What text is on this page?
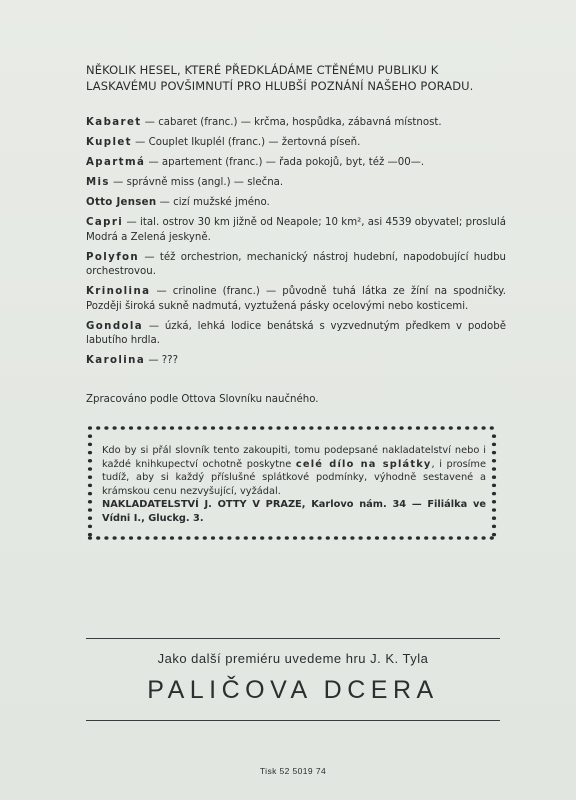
NĚKOLIK HESEL, KTERÉ PŘEDKLÁDÁME CTĚNÉMU PUBLIKU K LASKAVÉMU POVŠIMNUTÍ PRO HLUBŠÍ POZNÁNÍ NAŠEHO PORADU.
Kabaret — cabaret (franc.) — krčma, hospůdka, zábavná místnost.
Kuplet — Couplet Ikuplél (franc.) — žertovná píseň.
Apartmá — apartement (franc.) — řada pokojů, byt, též —00—.
Mis — správně miss (angl.) — slečna.
Otto Jensen — cizí mužské jméno.
Capri — ital. ostrov 30 km jižně od Neapole; 10 km², asi 4539 obyvatel; proslulá Modrá a Zelená jeskyně.
Polyfon — též orchestrion, mechanický nástroj hudební, napodobující hudbu orchestrovou.
Krinolina — crinoline (franc.) — původně tuhá látka ze žíní na spodničky. Později široká sukně nadmutá, vyztužená pásky ocelovými nebo kosticemi.
Gondola — úzká, lehká lodice benátská s vyzvednutým předkem v podobě labutího hrdla.
Karolina — ???
Zpracováno podle Ottova Slovníku naučného.
Kdo by si přál slovník tento zakoupiti, tomu podepsané nakladatelství nebo i každé knihkupectví ochotně poskytne celé dílo na splátky, i prosíme tudíž, aby si každý příslušné splátkové podmínky, výhodně sestavené a krámskou cenu nezvyšující, vyžádal.
NAKLADATELSTVÍ J. OTTY V PRAZE, Karlovo nám. 34 — Filiálka ve Vídni I., Gluckg. 3.
Jako další premiéru uvedeme hru J. K. Tyla
PALIČOVA DCERA
Tisk 52 5019 74
